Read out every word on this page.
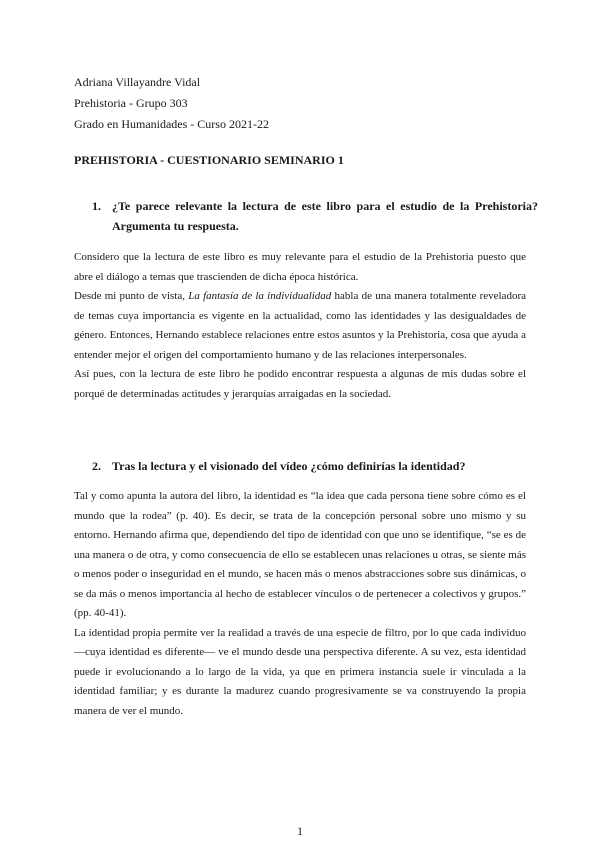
Adriana Villayandre Vidal
Prehistoria - Grupo 303
Grado en Humanidades - Curso 2021-22
PREHISTORIA - CUESTIONARIO SEMINARIO 1
1. ¿Te parece relevante la lectura de este libro para el estudio de la Prehistoria? Argumenta tu respuesta.

Considero que la lectura de este libro es muy relevante para el estudio de la Prehistoria puesto que abre el diálogo a temas que trascienden de dicha época histórica.

Desde mi punto de vista, La fantasía de la individualidad habla de una manera totalmente reveladora de temas cuya importancia es vigente en la actualidad, como las identidades y las desigualdades de género. Entonces, Hernando establece relaciones entre estos asuntos y la Prehistoria, cosa que ayuda a entender mejor el origen del comportamiento humano y de las relaciones interpersonales.

Así pues, con la lectura de este libro he podido encontrar respuesta a algunas de mis dudas sobre el porqué de determinadas actitudes y jerarquías arraigadas en la sociedad.

2. Tras la lectura y el visionado del vídeo ¿cómo definirías la identidad?

Tal y como apunta la autora del libro, la identidad es “la idea que cada persona tiene sobre cómo es el mundo que la rodea” (p. 40). Es decir, se trata de la concepción personal sobre uno mismo y su entorno. Hernando afirma que, dependiendo del tipo de identidad con que uno se identifique, “se es de una manera o de otra, y como consecuencia de ello se establecen unas relaciones u otras, se siente más o menos poder o inseguridad en el mundo, se hacen más o menos abstracciones sobre sus dinámicas, o se da más o menos importancia al hecho de establecer vínculos o de pertenecer a colectivos y grupos.” (pp. 40-41).

La identidad propia permite ver la realidad a través de una especie de filtro, por lo que cada individuo —cuya identidad es diferente— ve el mundo desde una perspectiva diferente. A su vez, esta identidad puede ir evolucionando a lo largo de la vida, ya que en primera instancia suele ir vinculada a la identidad familiar; y es durante la madurez cuando progresivamente se va construyendo la propia manera de ver el mundo.

1
